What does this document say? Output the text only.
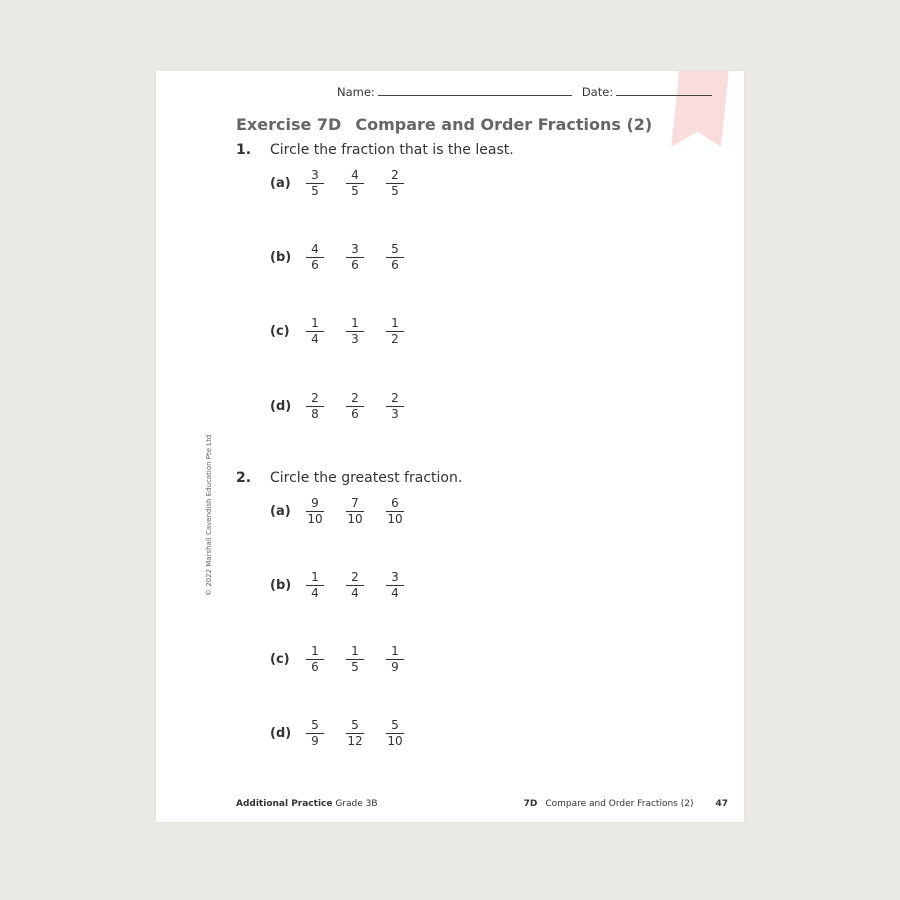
Name:	Date:
Exercise 7D Compare and Order Fractions (2)
1. Circle the fraction that is the least.
(a)	$\frac{3}{5} \frac{4}{5} \frac{2}{5}$
(b)	$\frac{4}{6} \frac{3}{6} \frac{5}{6}$
(c)	$\frac{1}{4} \frac{1}{3} \frac{1}{2}$
(d)	$\frac{2}{8} \frac{2}{6} \frac{2}{3}$
2. Circle the greatest fraction.
(a)	$\frac{9}{10} \frac{7}{10} \frac{6}{10}$
(b)	$\frac{1}{4} \frac{2}{4} \frac{3}{4}$
(c)	$\frac{1}{6} \frac{1}{5} \frac{1}{9}$
(d)	$\frac{5}{9} \frac{5}{12} \frac{5}{10}$
© 2022 Marshall Cavendish Education Pte Ltd
Additional Practice Grade 3B	7D Compare and Order Fractions (2) 47
